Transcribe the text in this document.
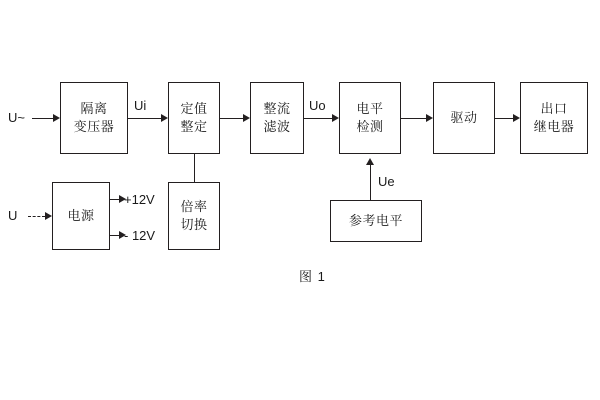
隔离
变压器
定值
整定
整流
滤波
电平
检测
驱动
出口
继电器
电源
倍率
切换	参考电平
U~
U
Ui	Uo
Ue
+12V
- 12V
图 1
